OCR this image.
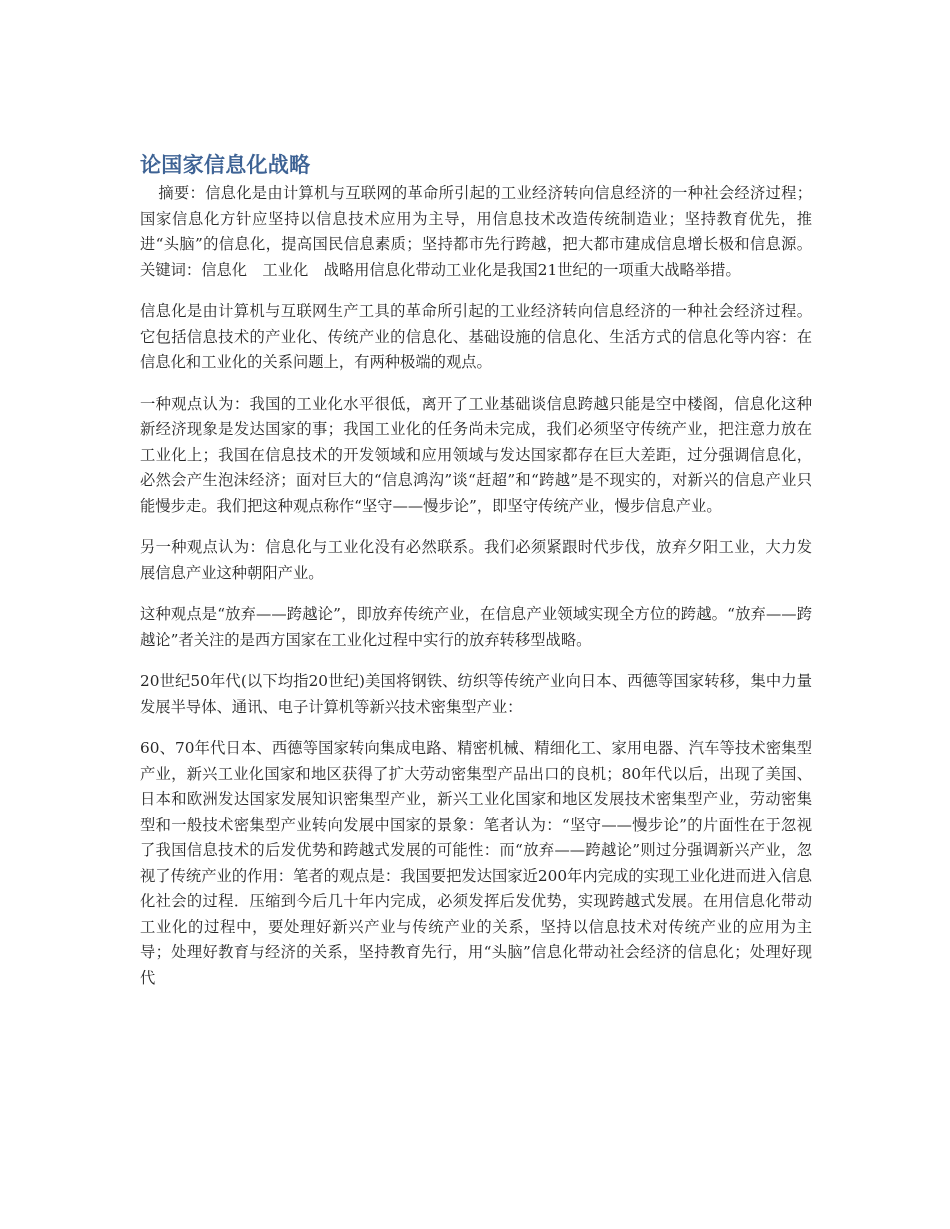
论国家信息化战略

摘要：信息化是由计算机与互联网的革命所引起的工业经济转向信息经济的一种社会经济过程；国家信息化方针应坚持以信息技术应用为主导，用信息技术改造传统制造业；坚持教育优先，推进“头脑”的信息化，提高国民信息素质；坚持都市先行跨越，把大都市建成信息增长极和信息源。关键词：信息化　工业化　战略用信息化带动工业化是我国21世纪的一项重大战略举措。

信息化是由计算机与互联网生产工具的革命所引起的工业经济转向信息经济的一种社会经济过程。它包括信息技术的产业化、传统产业的信息化、基础设施的信息化、生活方式的信息化等内容：在信息化和工业化的关系问题上，有两种极端的观点。

一种观点认为：我国的工业化水平很低，离开了工业基础谈信息跨越只能是空中楼阁，信息化这种新经济现象是发达国家的事；我国工业化的任务尚未完成，我们必须坚守传统产业，把注意力放在工业化上；我国在信息技术的开发领域和应用领域与发达国家都存在巨大差距，过分强调信息化，必然会产生泡沫经济；面对巨大的“信息鸿沟”谈“赶超”和“跨越”是不现实的，对新兴的信息产业只能慢步走。我们把这种观点称作“坚守——慢步论”，即坚守传统产业，慢步信息产业。

另一种观点认为：信息化与工业化没有必然联系。我们必须紧跟时代步伐，放弃夕阳工业，大力发展信息产业这种朝阳产业。

这种观点是“放弃——跨越论”，即放弃传统产业，在信息产业领域实现全方位的跨越。“放弃——跨越论”者关注的是西方国家在工业化过程中实行的放弃转移型战略。

20世纪50年代(以下均指20世纪)美国将钢铁、纺织等传统产业向日本、西德等国家转移，集中力量发展半导体、通讯、电子计算机等新兴技术密集型产业：

60、70年代日本、西德等国家转向集成电路、精密机械、精细化工、家用电器、汽车等技术密集型产业，新兴工业化国家和地区获得了扩大劳动密集型产品出口的良机；80年代以后，出现了美国、日本和欧洲发达国家发展知识密集型产业，新兴工业化国家和地区发展技术密集型产业，劳动密集型和一般技术密集型产业转向发展中国家的景象：笔者认为：“坚守——慢步论”的片面性在于忽视了我国信息技术的后发优势和跨越式发展的可能性：而“放弃——跨越论”则过分强调新兴产业，忽视了传统产业的作用：笔者的观点是：我国要把发达国家近200年内完成的实现工业化进而进入信息化社会的过程．压缩到今后几十年内完成，必须发挥后发优势，实现跨越式发展。在用信息化带动工业化的过程中，要处理好新兴产业与传统产业的关系，坚持以信息技术对传统产业的应用为主导；处理好教育与经济的关系，坚持教育先行，用“头脑”信息化带动社会经济的信息化；处理好现代
